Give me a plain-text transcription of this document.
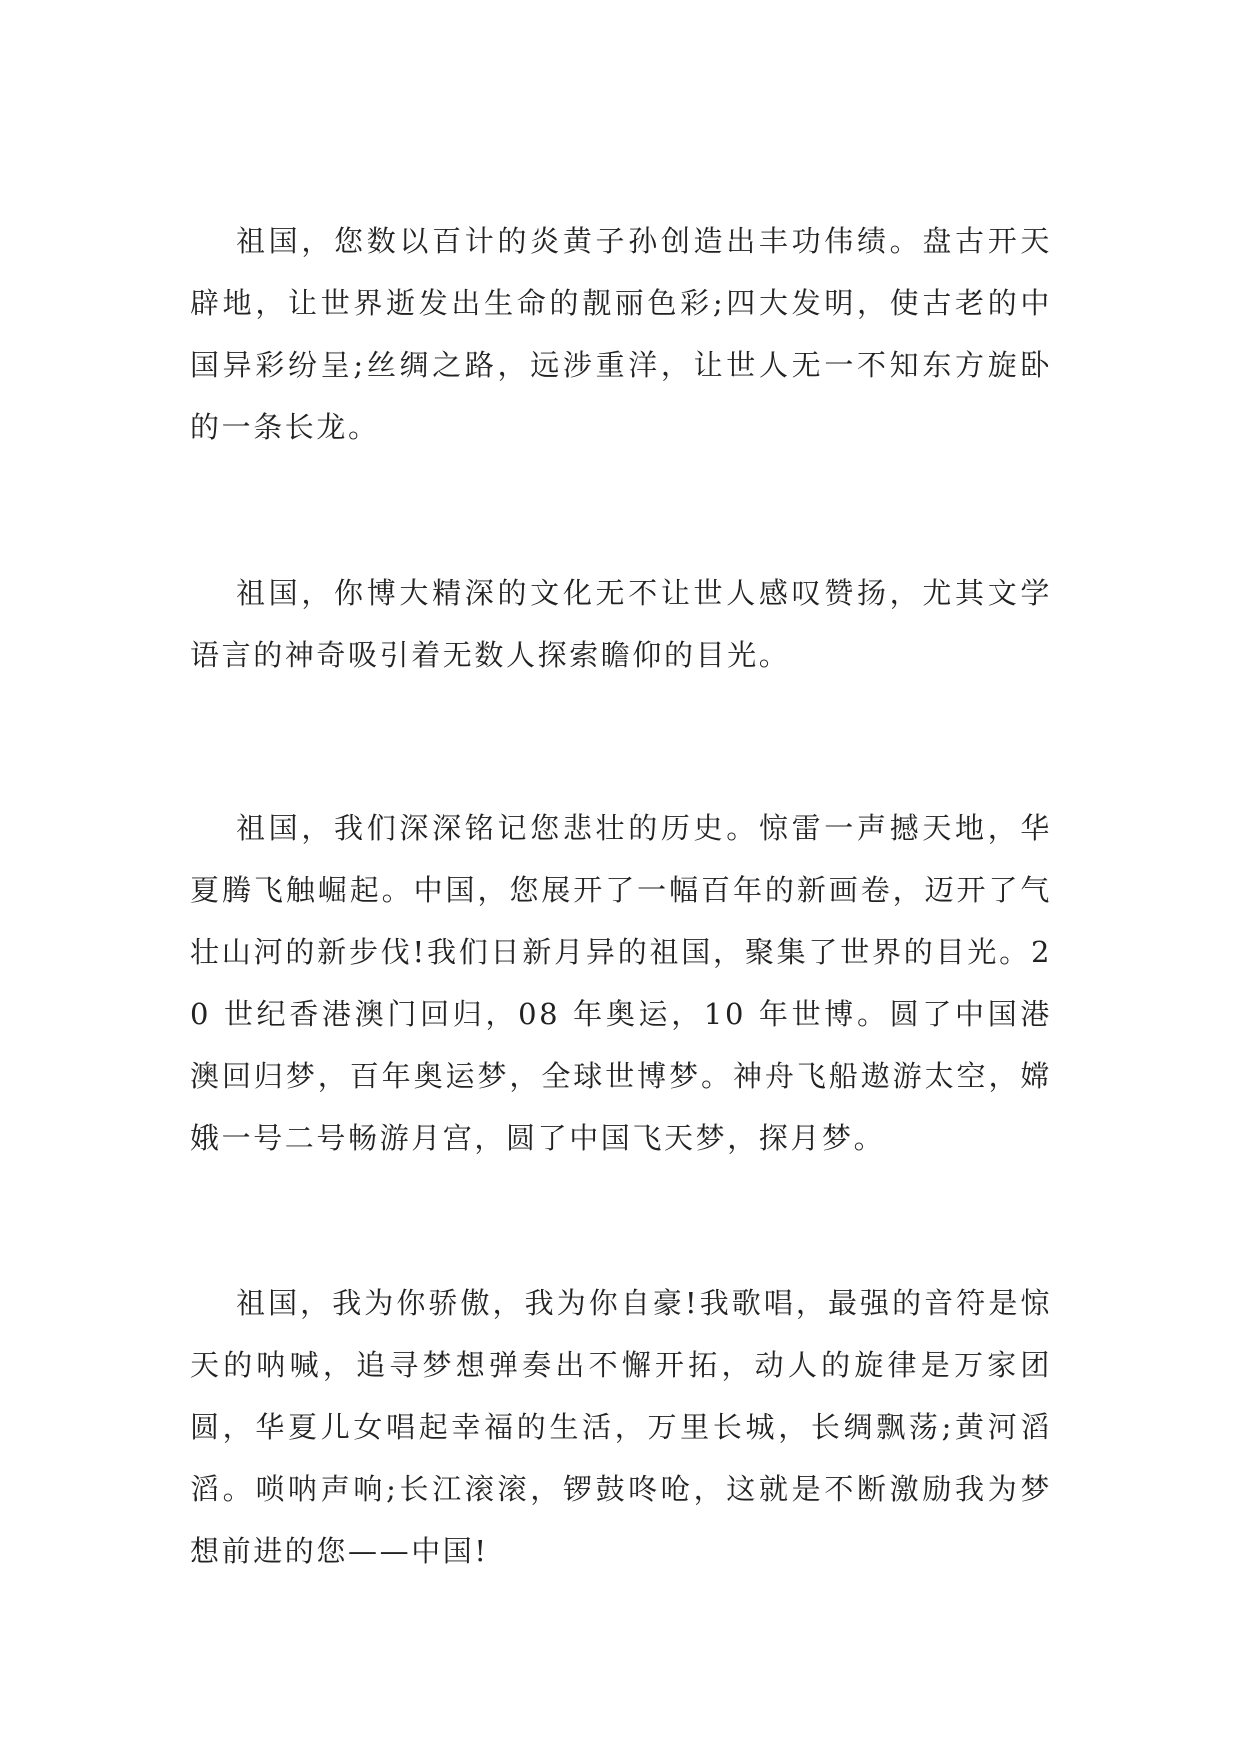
祖国，您数以百计的炎黄子孙创造出丰功伟绩。盘古开天辟地，让世界逝发出生命的靓丽色彩;四大发明，使古老的中国异彩纷呈;丝绸之路，远涉重洋，让世人无一不知东方旋卧的一条长龙。

祖国，你博大精深的文化无不让世人感叹赞扬，尤其文学语言的神奇吸引着无数人探索瞻仰的目光。

祖国，我们深深铭记您悲壮的历史。惊雷一声撼天地，华夏腾飞触崛起。中国，您展开了一幅百年的新画卷，迈开了气壮山河的新步伐!我们日新月异的祖国，聚集了世界的目光。20 世纪香港澳门回归，08 年奥运，10 年世博。圆了中国港澳回归梦，百年奥运梦，全球世博梦。神舟飞船遨游太空，嫦娥一号二号畅游月宫，圆了中国飞天梦，探月梦。

祖国，我为你骄傲，我为你自豪!我歌唱，最强的音符是惊天的呐喊，追寻梦想弹奏出不懈开拓，动人的旋律是万家团圆，华夏儿女唱起幸福的生活，万里长城，长绸飘荡;黄河滔滔。唢呐声响;长江滚滚，锣鼓咚呛，这就是不断激励我为梦想前进的您——中国!
